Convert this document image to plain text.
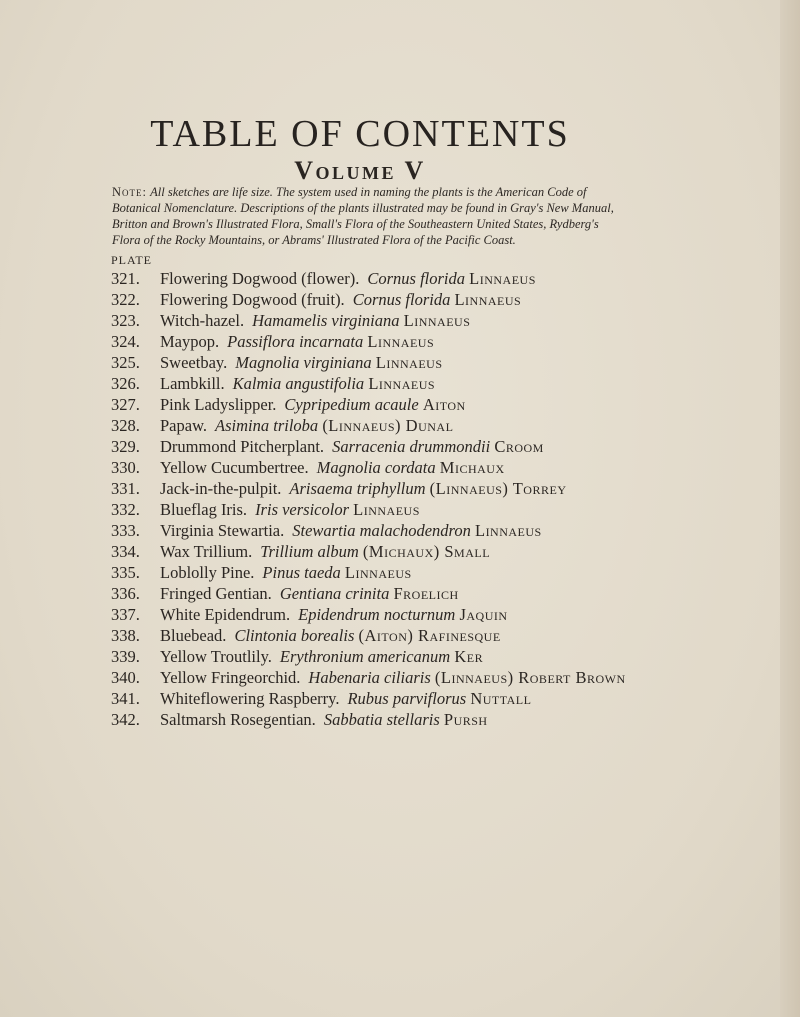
TABLE OF CONTENTS
Volume V

Note: All sketches are life size. The system used in naming the plants is the American Code of Botanical Nomenclature. Descriptions of the plants illustrated may be found in Gray's New Manual, Britton and Brown's Illustrated Flora, Small's Flora of the Southeastern United States, Rydberg's Flora of the Rocky Mountains, or Abrams' Illustrated Flora of the Pacific Coast.

PLATE
321. Flowering Dogwood (flower). Cornus florida Linnaeus
322. Flowering Dogwood (fruit). Cornus florida Linnaeus
323. Witch-hazel. Hamamelis virginiana Linnaeus
324. Maypop. Passiflora incarnata Linnaeus
325. Sweetbay. Magnolia virginiana Linnaeus
326. Lambkill. Kalmia angustifolia Linnaeus
327. Pink Ladyslipper. Cypripedium acaule Aiton
328. Papaw. Asimina triloba (Linnaeus) Dunal
329. Drummond Pitcherplant. Sarracenia drummondii Croom
330. Yellow Cucumbertree. Magnolia cordata Michaux
331. Jack-in-the-pulpit. Arisaema triphyllum (Linnaeus) Torrey
332. Blueflag Iris. Iris versicolor Linnaeus
333. Virginia Stewartia. Stewartia malachodendron Linnaeus
334. Wax Trillium. Trillium album (Michaux) Small
335. Loblolly Pine. Pinus taeda Linnaeus
336. Fringed Gentian. Gentiana crinita Froelich
337. White Epidendrum. Epidendrum nocturnum Jaquin
338. Bluebead. Clintonia borealis (Aiton) Rafinesque
339. Yellow Troutlily. Erythronium americanum Ker
340. Yellow Fringeorchid. Habenaria ciliaris (Linnaeus) Robert Brown
341. Whiteflowering Raspberry. Rubus parviflorus Nuttall
342. Saltmarsh Rosegentian. Sabbatia stellaris Pursh
